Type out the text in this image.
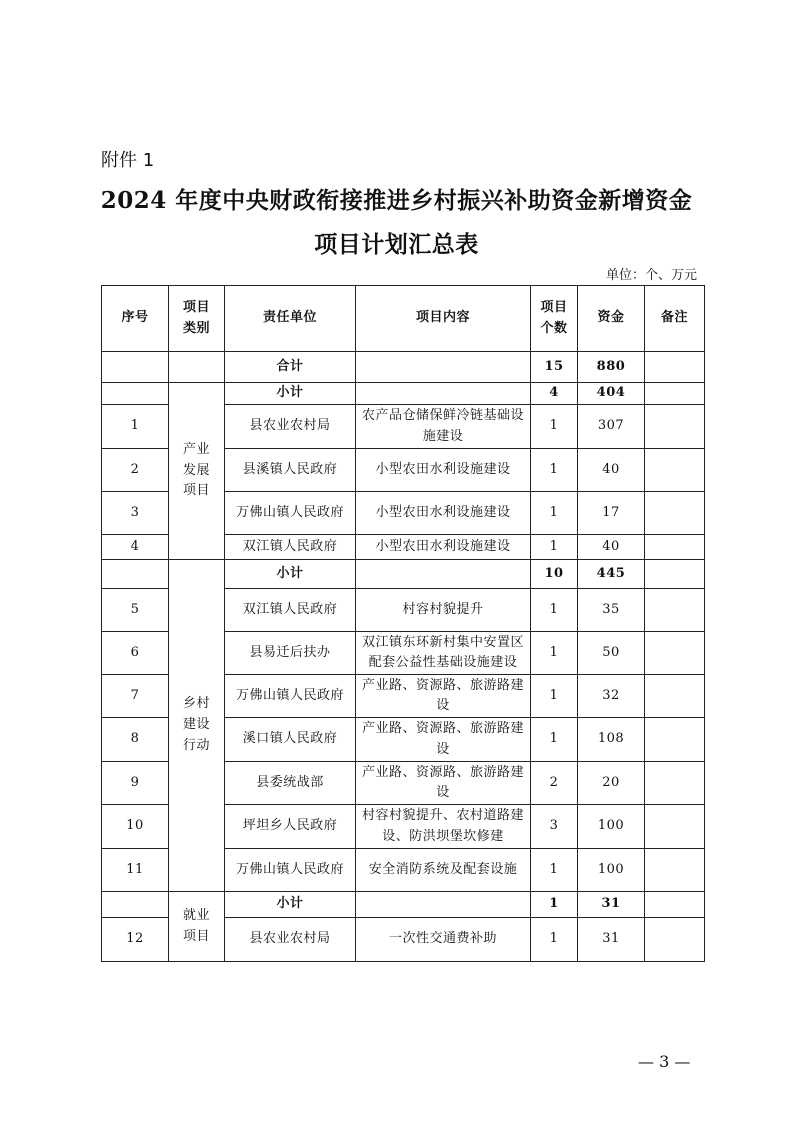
附件 1
2024 年度中央财政衔接推进乡村振兴补助资金新增资金
项目计划汇总表
单位：个、万元
序号	项目类别	责任单位	项目内容	项目个数	资金	备注
		合计		15	880	

	产业发展项目	小计		4	404	
1		县农业农村局	农产品仓储保鲜冷链基础设施建设	1	307	
2		县溪镇人民政府	小型农田水利设施建设	1	40	
3		万佛山镇人民政府	小型农田水利设施建设	1	17	
4		双江镇人民政府	小型农田水利设施建设	1	40	

	乡村建设行动	小计		10	445	
5		双江镇人民政府	村容村貌提升	1	35	
6		县易迁后扶办	双江镇东环新村集中安置区配套公益性基础设施建设	1	50	
7		万佛山镇人民政府	产业路、资源路、旅游路建设	1	32	
8		溪口镇人民政府	产业路、资源路、旅游路建设	1	108	
9		县委统战部	产业路、资源路、旅游路建设	2	20	
10		坪坦乡人民政府	村容村貌提升、农村道路建设、防洪坝堡坎修建	3	100	
11		万佛山镇人民政府	安全消防系统及配套设施	1	100	

	就业项目	小计		1	31	
12		县农业农村局	一次性交通费补助	1	31	
— 3 —
